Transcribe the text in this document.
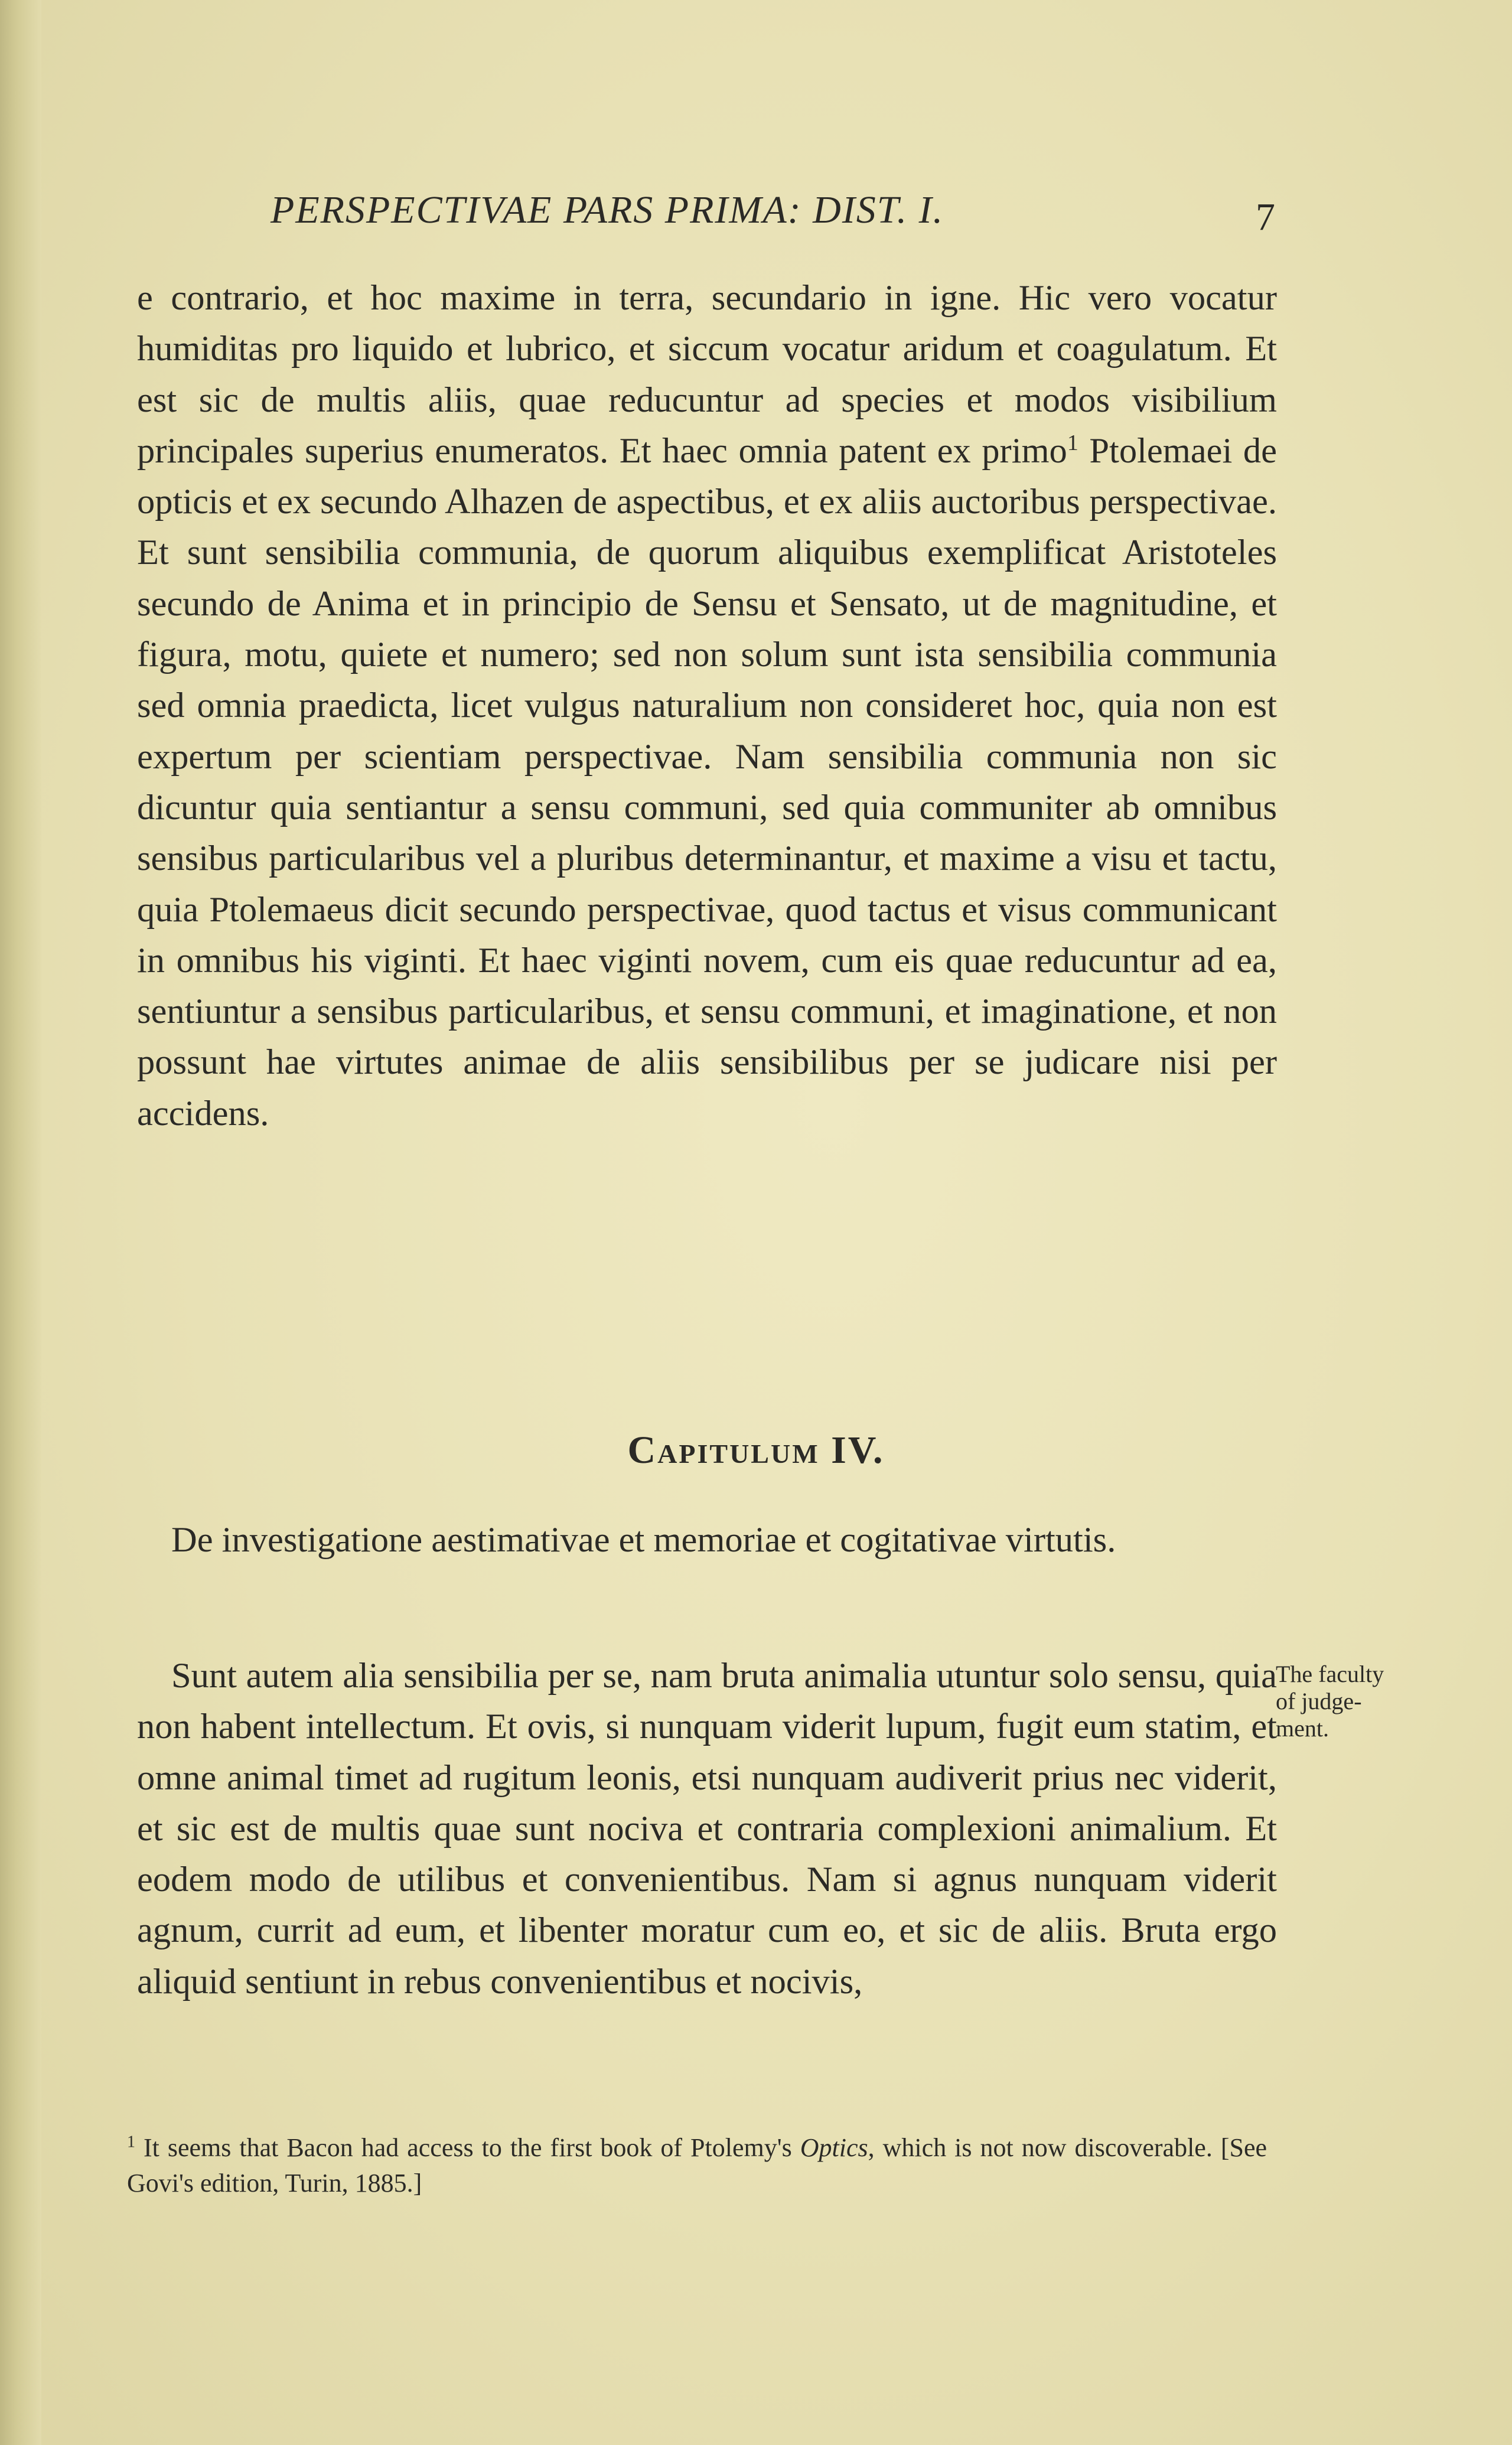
PERSPECTIVAE PARS PRIMA: DIST. I.	7

e contrario, et hoc maxime in terra, secundario in igne. Hic vero vocatur humiditas pro liquido et lubrico, et siccum vocatur aridum et coagulatum. Et est sic de multis aliis, quae reducuntur ad species et modos visibilium principales superius enumeratos. Et haec omnia patent ex primo$^1$ Ptolemaei de opticis et ex secundo Alhazen de aspectibus, et ex aliis auctoribus perspectivae. Et sunt sensibilia communia, de quorum aliquibus exemplificat Aristoteles secundo de Anima et in principio de Sensu et Sensato, ut de magnitudine, et figura, motu, quiete et numero; sed non solum sunt ista sensibilia communia sed omnia praedicta, licet vulgus naturalium non consideret hoc, quia non est expertum per scientiam perspectivae. Nam sensibilia communia non sic dicuntur quia sentiantur a sensu communi, sed quia communiter ab omnibus sensibus particularibus vel a pluribus determinantur, et maxime a visu et tactu, quia Ptolemaeus dicit secundo perspectivae, quod tactus et visus communicant in omnibus his viginti. Et haec viginti novem, cum eis quae reducuntur ad ea, sentiuntur a sensibus particularibus, et sensu communi, et imaginatione, et non possunt hae virtutes animae de aliis sensibilibus per se judicare nisi per accidens.

Capitulum IV.

De investigatione aestimativae et memoriae et cogitativae virtutis.

Sunt autem alia sensibilia per se, nam bruta animalia utuntur solo sensu, quia non habent intellectum. Et ovis, si nunquam viderit lupum, fugit eum statim, et omne animal timet ad rugitum leonis, etsi nunquam audiverit prius nec viderit, et sic est de multis quae sunt nociva et contraria complexioni animalium. Et eodem modo de utilibus et convenientibus. Nam si agnus nunquam viderit agnum, currit ad eum, et libenter moratur cum eo, et sic de aliis. Bruta ergo aliquid sentiunt in rebus convenientibus et nocivis,

The faculty
of judge-
ment.

$^1$ It seems that Bacon had access to the first book of Ptolemy's Optics, which is not now discoverable. [See Govi's edition, Turin, 1885.]
